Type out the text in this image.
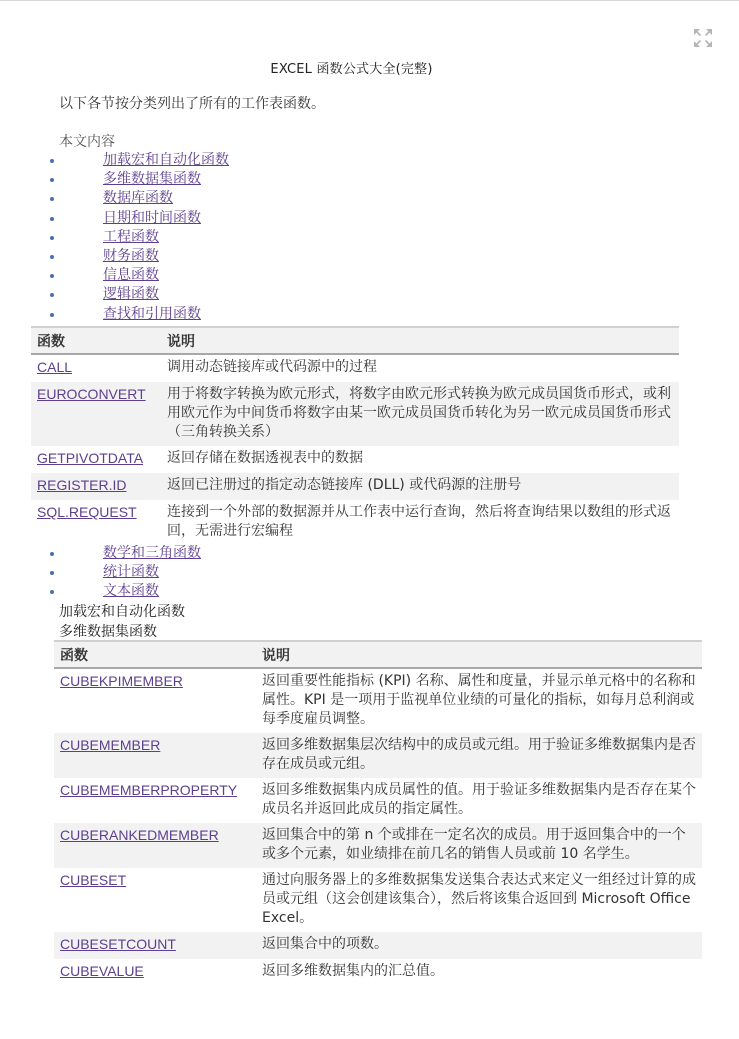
EXCEL 函数公式大全(完整)
以下各节按分类列出了所有的工作表函数。
本文内容
加载宏和自动化函数
多维数据集函数
数据库函数
日期和时间函数
工程函数
财务函数
信息函数
逻辑函数
查找和引用函数
函数	说明
CALL	调用动态链接库或代码源中的过程
EUROCONVERT	用于将数字转换为欧元形式，将数字由欧元形式转换为欧元成员国货币形式，或利用欧元作为中间货币将数字由某一欧元成员国货币转化为另一欧元成员国货币形式（三角转换关系）
GETPIVOTDATA	返回存储在数据透视表中的数据
REGISTER.ID	返回已注册过的指定动态链接库 (DLL) 或代码源的注册号
SQL.REQUEST	连接到一个外部的数据源并从工作表中运行查询，然后将查询结果以数组的形式返回，无需进行宏编程
数学和三角函数
统计函数
文本函数
加载宏和自动化函数
多维数据集函数
函数	说明
CUBEKPIMEMBER	返回重要性能指标 (KPI) 名称、属性和度量，并显示单元格中的名称和属性。KPI 是一项用于监视单位业绩的可量化的指标，如每月总利润或每季度雇员调整。
CUBEMEMBER	返回多维数据集层次结构中的成员或元组。用于验证多维数据集内是否存在成员或元组。
CUBEMEMBERPROPERTY	返回多维数据集内成员属性的值。用于验证多维数据集内是否存在某个成员名并返回此成员的指定属性。
CUBERANKEDMEMBER	返回集合中的第 n 个或排在一定名次的成员。用于返回集合中的一个或多个元素，如业绩排在前几名的销售人员或前 10 名学生。
CUBESET	通过向服务器上的多维数据集发送集合表达式来定义一组经过计算的成员或元组（这会创建该集合），然后将该集合返回到 Microsoft Office Excel。
CUBESETCOUNT	返回集合中的项数。
CUBEVALUE	返回多维数据集内的汇总值。
